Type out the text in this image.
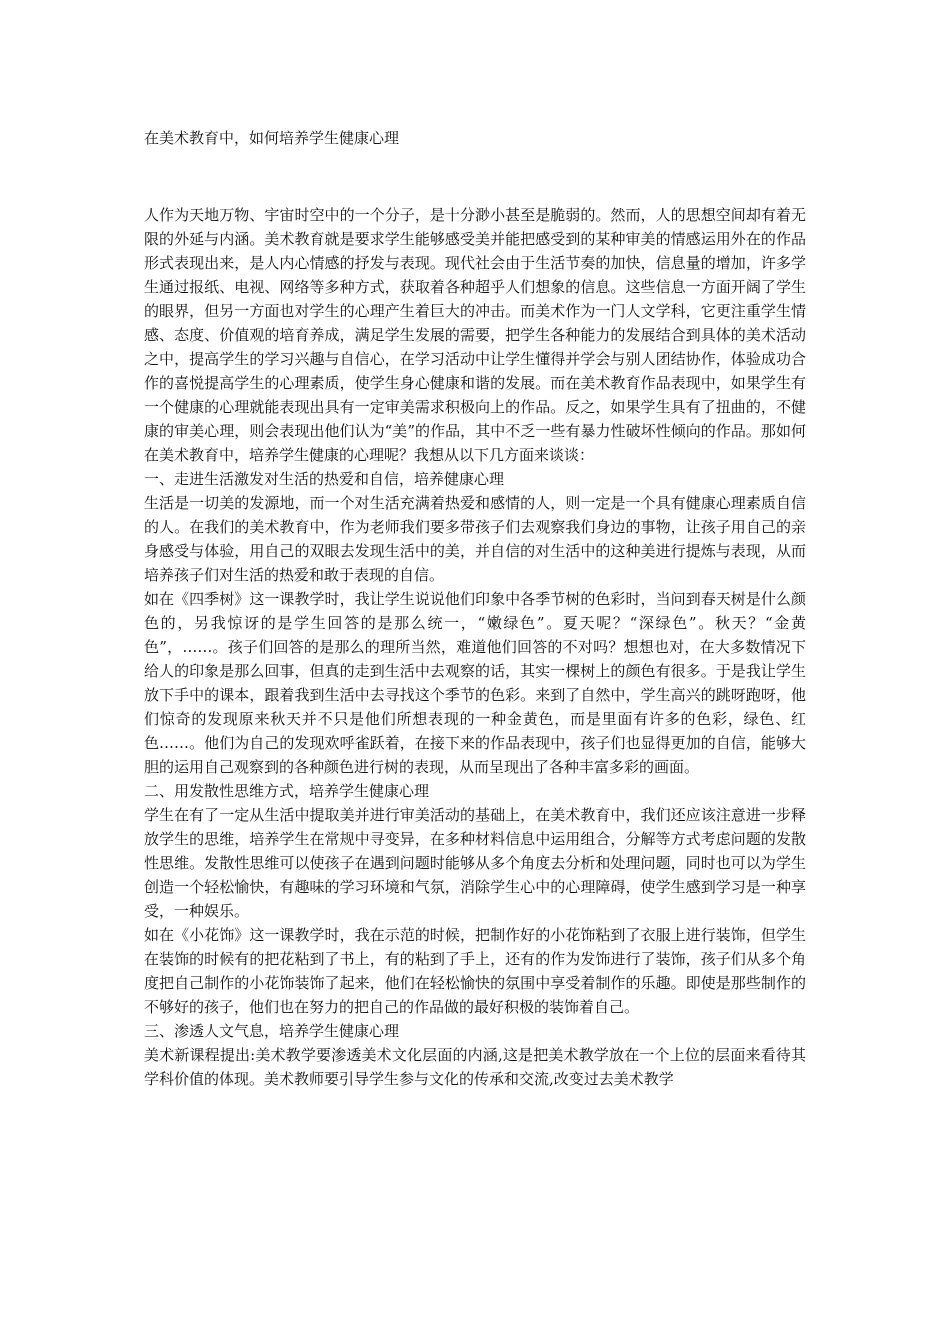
在美术教育中，如何培养学生健康心理

人作为天地万物、宇宙时空中的一个分子，是十分渺小甚至是脆弱的。然而，人的思想空间却有着无限的外延与内涵。美术教育就是要求学生能够感受美并能把感受到的某种审美的情感运用外在的作品形式表现出来，是人内心情感的抒发与表现。现代社会由于生活节奏的加快，信息量的增加，许多学生通过报纸、电视、网络等多种方式，获取着各种超乎人们想象的信息。这些信息一方面开阔了学生的眼界，但另一方面也对学生的心理产生着巨大的冲击。而美术作为一门人文学科，它更注重学生情感、态度、价值观的培育养成，满足学生发展的需要，把学生各种能力的发展结合到具体的美术活动之中，提高学生的学习兴趣与自信心，在学习活动中让学生懂得并学会与别人团结协作，体验成功合作的喜悦提高学生的心理素质，使学生身心健康和谐的发展。而在美术教育作品表现中，如果学生有一个健康的心理就能表现出具有一定审美需求积极向上的作品。反之，如果学生具有了扭曲的，不健康的审美心理，则会表现出他们认为“美”的作品，其中不乏一些有暴力性破坏性倾向的作品。那如何在美术教育中，培养学生健康的心理呢？我想从以下几方面来谈谈：

一、走进生活激发对生活的热爱和自信，培养健康心理

生活是一切美的发源地，而一个对生活充满着热爱和感情的人，则一定是一个具有健康心理素质自信的人。在我们的美术教育中，作为老师我们要多带孩子们去观察我们身边的事物，让孩子用自己的亲身感受与体验，用自己的双眼去发现生活中的美，并自信的对生活中的这种美进行提炼与表现，从而培养孩子们对生活的热爱和敢于表现的自信。

如在《四季树》这一课教学时，我让学生说说他们印象中各季节树的色彩时，当问到春天树是什么颜色的，另我惊讶的是学生回答的是那么统一，“嫩绿色”。夏天呢？“深绿色”。秋天？“金黄色”，……。孩子们回答的是那么的理所当然，难道他们回答的不对吗？想想也对，在大多数情况下给人的印象是那么回事，但真的走到生活中去观察的话，其实一棵树上的颜色有很多。于是我让学生放下手中的课本，跟着我到生活中去寻找这个季节的色彩。来到了自然中，学生高兴的跳呀跑呀，他们惊奇的发现原来秋天并不只是他们所想表现的一种金黄色，而是里面有许多的色彩，绿色、红色……。他们为自己的发现欢呼雀跃着，在接下来的作品表现中，孩子们也显得更加的自信，能够大胆的运用自己观察到的各种颜色进行树的表现，从而呈现出了各种丰富多彩的画面。

二、用发散性思维方式，培养学生健康心理

学生在有了一定从生活中提取美并进行审美活动的基础上，在美术教育中，我们还应该注意进一步释放学生的思维，培养学生在常规中寻变异，在多种材料信息中运用组合，分解等方式考虑问题的发散性思维。发散性思维可以使孩子在遇到问题时能够从多个角度去分析和处理问题，同时也可以为学生创造一个轻松愉快，有趣味的学习环境和气氛，消除学生心中的心理障碍，使学生感到学习是一种享受，一种娱乐。

如在《小花饰》这一课教学时，我在示范的时候，把制作好的小花饰粘到了衣服上进行装饰，但学生在装饰的时候有的把花粘到了书上，有的粘到了手上，还有的作为发饰进行了装饰，孩子们从多个角度把自己制作的小花饰装饰了起来，他们在轻松愉快的氛围中享受着制作的乐趣。即使是那些制作的不够好的孩子，他们也在努力的把自己的作品做的最好积极的装饰着自己。

三、渗透人文气息，培养学生健康心理

美术新课程提出:美术教学要渗透美术文化层面的内涵,这是把美术教学放在一个上位的层面来看待其学科价值的体现。美术教师要引导学生参与文化的传承和交流,改变过去美术教学
